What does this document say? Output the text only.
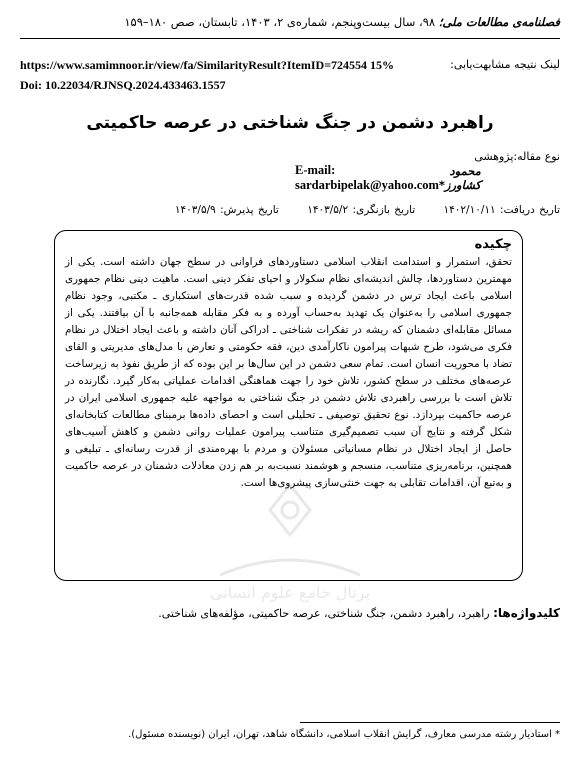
فصلنامه‌ی مطالعات ملی؛ ۹۸، سال بیست‌وپنجم، شماره‌ی ۲، ۱۴۰۳، تابستان، صص ۱۸۰–۱۵۹
https://www.samimnoor.ir/view/fa/SimilarityResult?ItemID=724554 15%	لینک نتیجه مشابهت‌یابی:
Doi: 10.22034/RJNSQ.2024.433463.1557
راهبرد دشمن در جنگ شناختی در عرصه حاکمیتی
نوع مقاله:پژوهشی
E-mail: sardarbipelak@yahoo.com
محمود کشاورز*
تاریخ دریافت: ۱۴۰۲/۱۰/۱۱ تاریخ بازنگری: ۱۴۰۳/۵/۲ تاریخ پذیرش: ۱۴۰۳/۵/۹
چکیده
تحقق، استمرار و استدامت انقلاب اسلامی دستاوردهای فراوانی در سطح جهان داشته است. یکی از مهمترین دستاوردها، چالش اندیشه‌ای نظام سکولار و احیای تفکر دینی است. ماهیت دینی نظام جمهوری اسلامی باعث ایجاد ترس در دشمن گردیده و سبب شده قدرت‌های استکباری ـ مکتبی، وجود نظام جمهوری اسلامی را به‌عنوان یک تهدید به‌حساب آورده و به فکر مقابله همه‌جانبه با آن بیافتند. یکی از مسائل مقابله‌ای دشمنان که ریشه در تفکرات شناختی ـ ادراکی آنان داشته و باعث ایجاد اختلال در نظام فکری می‌شود، طرح شبهات پیرامون ناکارآمدی دین، فقه حکومتی و تعارض با مدل‌های مدیریتی و القای تضاد با محوریت انسان است. تمام سعی دشمن در این سال‌ها بر این بوده که از طریق نفوذ به زیرساخت عرصه‌های مختلف در سطح کشور، تلاش خود را جهت هماهنگی اقدامات عملیاتی به‌کار گیرد. نگارنده در تلاش است با بررسی راهبردی تلاش دشمن در جنگ شناختی به مواجهه علیه جمهوری اسلامی ایران در عرصه حاکمیت بپردازد. نوع تحقیق توصیفی ـ تحلیلی است و احصای داده‌ها برمبنای مطالعات کتابخانه‌ای شکل گرفته و نتایج آن سبب تصمیم‌گیری متناسب پیرامون عملیات روانی دشمن و کاهش آسیب‌های حاصل از ایجاد اختلال در نظام مسانیاتی مسئولان و مردم با بهره‌مندی از قدرت رسانه‌ای ـ تبلیغی و همچنین، برنامه‌ریزی متناسب، منسجم و هوشمند نسبت‌به بر هم زدن معادلات دشمنان در عرصه حاکمیت و به‌تبع آن، اقدامات تقابلی به جهت خنثی‌سازی پیشروی‌ها است.
پرتال جامع علوم انسانی
کلیدواژه‌ها: راهبرد، راهبرد دشمن، جنگ شناختی، عرصه حاکمیتی، مؤلفه‌های شناختی.
* استادیار رشته مدرسی معارف، گرایش انقلاب اسلامی، دانشگاه شاهد، تهران، ایران (نویسنده مسئول).
